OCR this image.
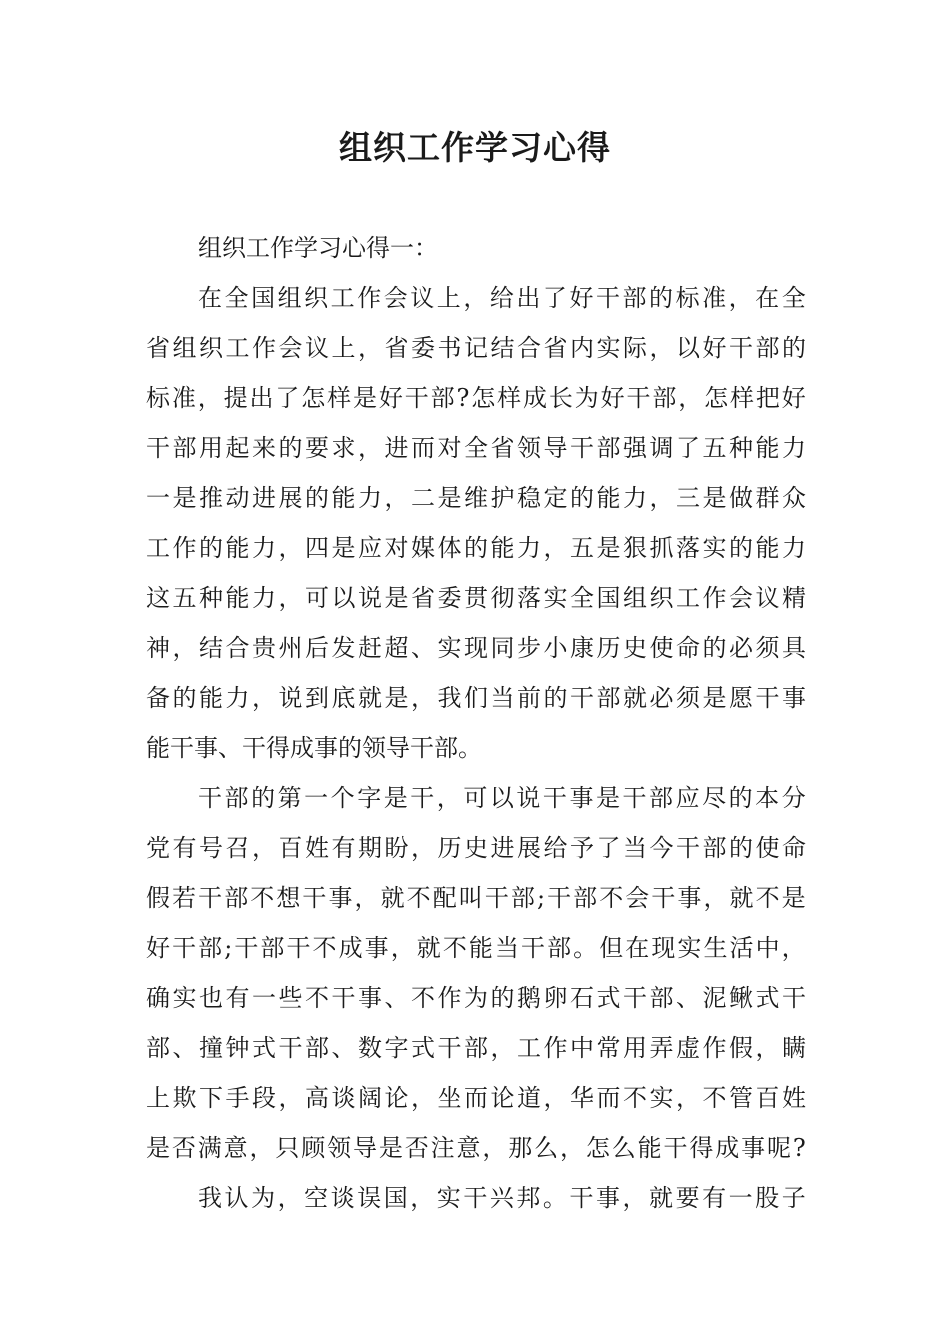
组织工作学习心得
组 织 工 作 学 习 心 得 一 ：
在 全 国 组 织 工 作 会 议 上 ， 给 出 了 好 干 部 的 标 准 ， 在 全
省 组 织 工 作 会 议 上 ， 省 委 书 记 结 合 省 内 实 际 ， 以 好 干 部 的
标 准 ， 提 出 了 怎 样 是 好 干 部 ? 怎 样 成 长 为 好 干 部 ， 怎 样 把 好
干 部 用 起 来 的 要 求 ， 进 而 对 全 省 领 导 干 部 强 调 了 五 种 能 力
一 是 推 动 进 展 的 能 力 ， 二 是 维 护 稳 定 的 能 力 ， 三 是 做 群 众
工 作 的 能 力 ， 四 是 应 对 媒 体 的 能 力 ， 五 是 狠 抓 落 实 的 能 力
这 五 种 能 力 ， 可 以 说 是 省 委 贯 彻 落 实 全 国 组 织 工 作 会 议 精
神 ， 结 合 贵 州 后 发 赶 超 、 实 现 同 步 小 康 历 史 使 命 的 必 须 具
备 的 能 力 ， 说 到 底 就 是 ， 我 们 当 前 的 干 部 就 必 须 是 愿 干 事
能 干 事 、 干 得 成 事 的 领 导 干 部 。
干 部 的 第 一 个 字 是 干 ， 可 以 说 干 事 是 干 部 应 尽 的 本 分
党 有 号 召 ， 百 姓 有 期 盼 ， 历 史 进 展 给 予 了 当 今 干 部 的 使 命
假 若 干 部 不 想 干 事 ， 就 不 配 叫 干 部 ; 干 部 不 会 干 事 ， 就 不 是
好 干 部 ; 干 部 干 不 成 事 ， 就 不 能 当 干 部 。 但 在 现 实 生 活 中 ，
确 实 也 有 一 些 不 干 事 、 不 作 为 的 鹅 卵 石 式 干 部 、 泥 鳅 式 干
部 、 撞 钟 式 干 部 、 数 字 式 干 部 ， 工 作 中 常 用 弄 虚 作 假 ， 瞒
上 欺 下 手 段 ， 高 谈 阔 论 ， 坐 而 论 道 ， 华 而 不 实 ， 不 管 百 姓
是 否 满 意 ， 只 顾 领 导 是 否 注 意 ， 那 么 ， 怎 么 能 干 得 成 事 呢 ?
我 认 为 ， 空 谈 误 国 ， 实 干 兴 邦 。 干 事 ， 就 要 有 一 股 子
